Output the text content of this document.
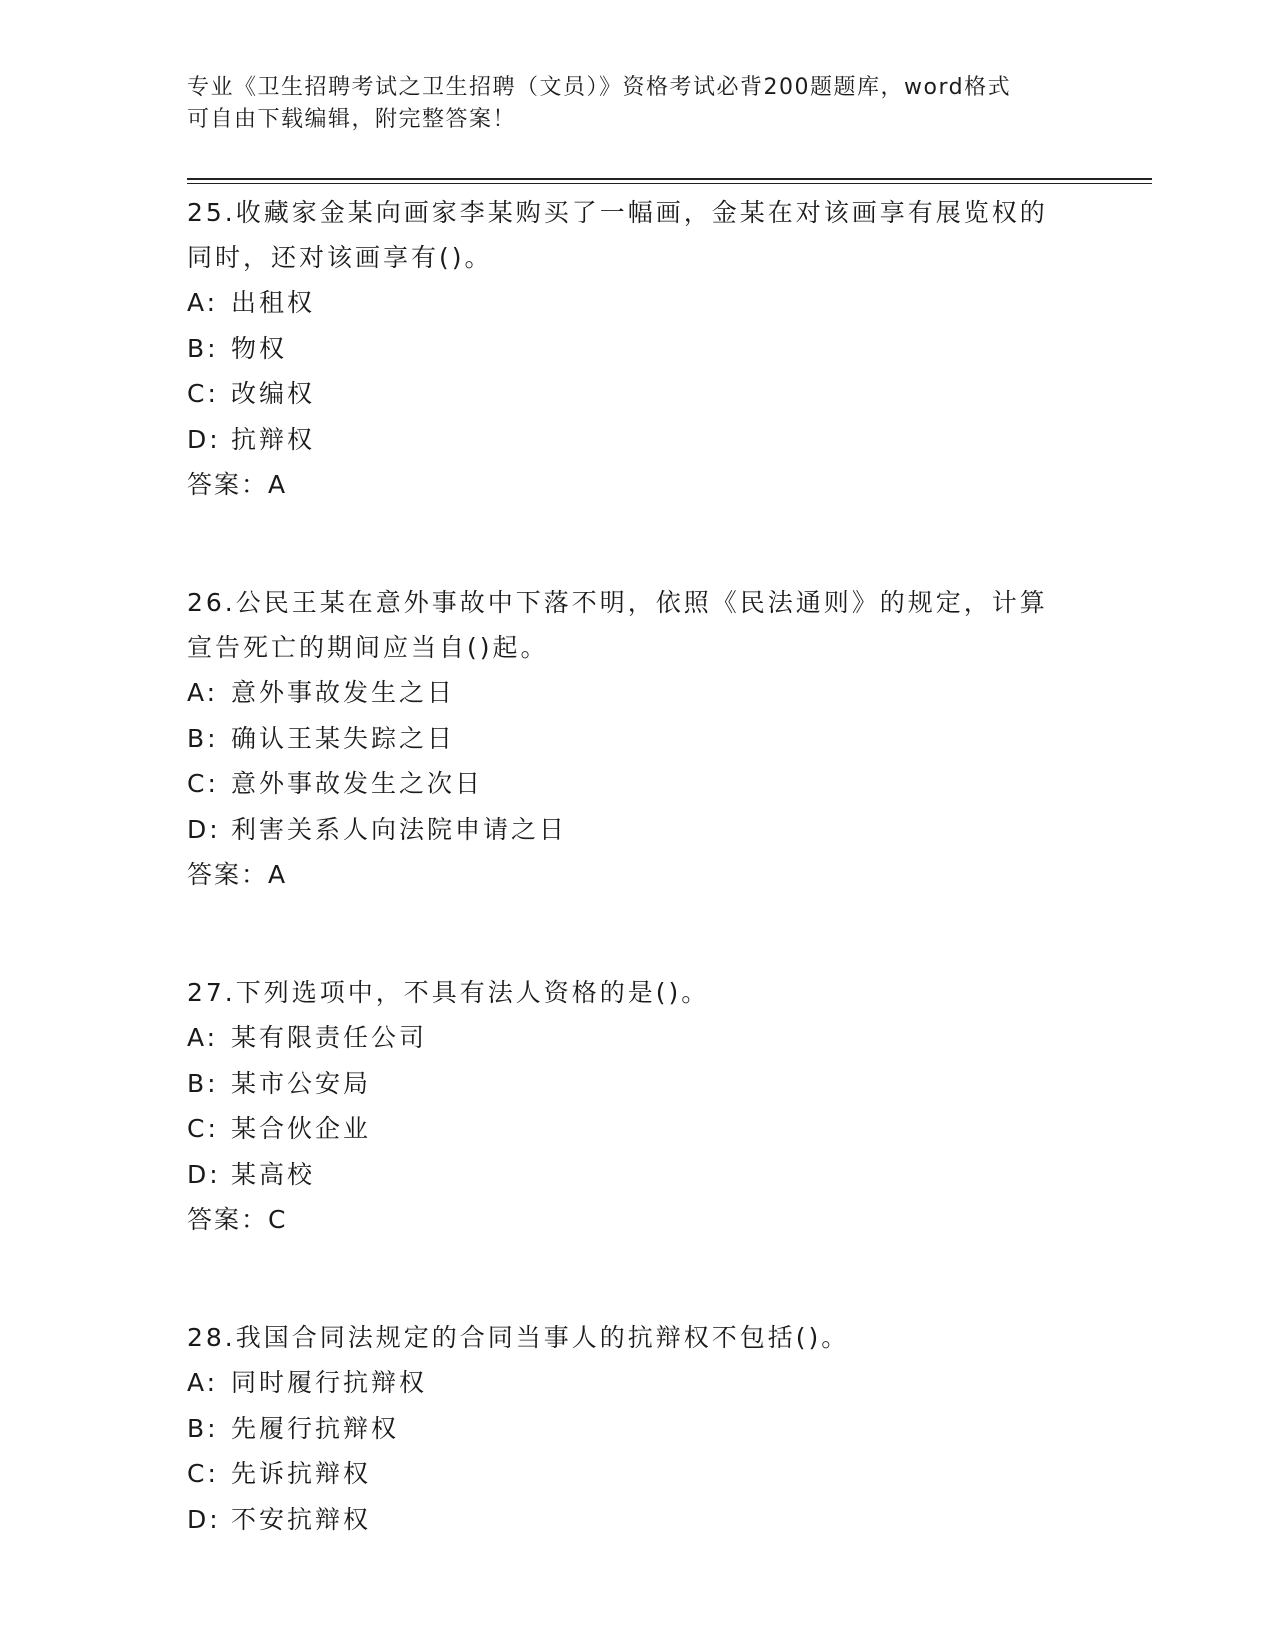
专业《卫生招聘考试之卫生招聘（文员）》资格考试必背200题题库，word格式
可自由下载编辑，附完整答案！
25.收藏家金某向画家李某购买了一幅画，金某在对该画享有展览权的
同时，还对该画享有()。
A: 出租权
B: 物权
C: 改编权
D: 抗辩权
答案：A
26.公民王某在意外事故中下落不明，依照《民法通则》的规定，计算
宣告死亡的期间应当自()起。
A: 意外事故发生之日
B: 确认王某失踪之日
C: 意外事故发生之次日
D: 利害关系人向法院申请之日
答案：A
27.下列选项中，不具有法人资格的是()。
A: 某有限责任公司
B: 某市公安局
C: 某合伙企业
D: 某高校
答案：C
28.我国合同法规定的合同当事人的抗辩权不包括()。
A: 同时履行抗辩权
B: 先履行抗辩权
C: 先诉抗辩权
D: 不安抗辩权
